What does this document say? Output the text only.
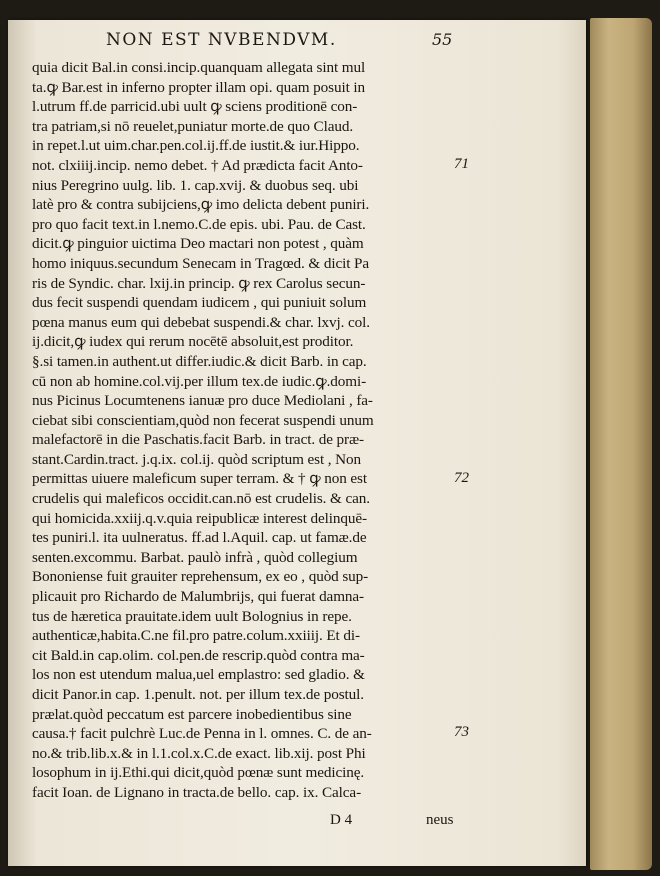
NON EST NVBENDVM.	55
quia dicit Bal.in consi.incip.quanquam allegata sint mul
ta.ꝙ Bar.est in inferno propter illam opi. quam posuit in
l.utrum ff.de parricid.ubi uult ꝙ sciens proditionē con-
tra patriam,si nō reuelet,puniatur morte.de quo Claud.
in repet.l.ut uim.char.pen.col.ij.ff.de iustit.& iur.Hippo.
not. clxiiij.incip. nemo debet. † Ad prædicta facit Anto-
nius Peregrino uulg. lib. 1. cap.xvij. & duobus seq. ubi
latè pro & contra subijciens,ꝙ imo delicta debent puniri.
pro quo facit text.in l.nemo.C.de epis. ubi. Pau. de Cast.
dicit.ꝙ pinguior uictima Deo mactari non potest , quàm
homo iniquus.secundum Senecam in Tragœd. & dicit Pa
ris de Syndic. char. lxij.in princip. ꝙ rex Carolus secun-
dus fecit suspendi quendam iudicem , qui puniuit solum
pœna manus eum qui debebat suspendi.& char. lxvj. col.
ij.dicit,ꝙ iudex qui rerum nocētē absoluit,est proditor.
§.si tamen.in authent.ut differ.iudic.& dicit Barb. in cap.
cū non ab homine.col.vij.per illum tex.de iudic.ꝙ.domi-
nus Picinus Locumtenens ianuæ pro duce Mediolani , fa-
ciebat sibi conscientiam,quòd non fecerat suspendi unum
malefactorē in die Paschatis.facit Barb. in tract. de præ-
stant.Cardin.tract. j.q.ix. col.ij. quòd scriptum est , Non
permittas uiuere maleficum super terram. & † ꝙ non est
crudelis qui maleficos occidit.can.nō est crudelis. & can.
qui homicida.xxiij.q.v.quia reipublicæ interest delinquē-
tes puniri.l. ita uulneratus. ff.ad l.Aquil. cap. ut famæ.de
senten.excommu. Barbat. paulò infrà , quòd collegium
Bononiense fuit grauiter reprehensum, ex eo , quòd sup-
plicauit pro Richardo de Malumbrijs, qui fuerat damna-
tus de hæretica prauitate.idem uult Bolognius in repe.
authenticæ,habita.C.ne fil.pro patre.colum.xxiiij. Et di-
cit Bald.in cap.olim. col.pen.de rescrip.quòd contra ma-
los non est utendum malua,uel emplastro: sed gladio. &
dicit Panor.in cap. 1.penult. not. per illum tex.de postul.
prælat.quòd peccatum est parcere inobedientibus sine
causa.† facit pulchrè Luc.de Penna in l. omnes. C. de an-
no.& trib.lib.x.& in l.1.col.x.C.de exact. lib.xij. post Phi
losophum in ij.Ethi.qui dicit,quòd pœnæ sunt medicinę.
facit Ioan. de Lignano in tracta.de bello. cap. ix. Calca-
71
72
73
D 4	neus
